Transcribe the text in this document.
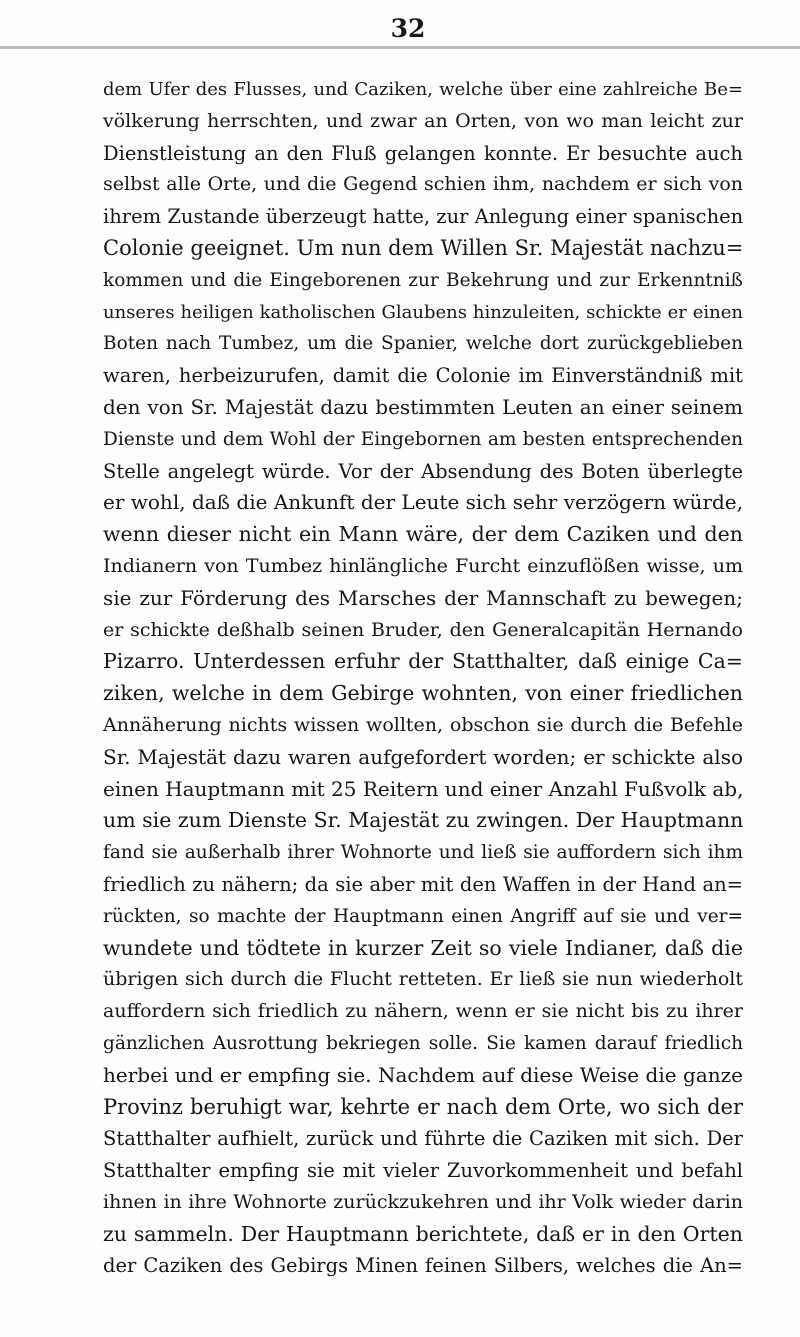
32
dem Ufer des Flusses, und Caziken, welche über eine zahlreiche Be=
völkerung herrschten, und zwar an Orten, von wo man leicht zur
Dienstleistung an den Fluß gelangen konnte. Er besuchte auch
selbst alle Orte, und die Gegend schien ihm, nachdem er sich von
ihrem Zustande überzeugt hatte, zur Anlegung einer spanischen
Colonie geeignet. Um nun dem Willen Sr. Majestät nachzu=
kommen und die Eingeborenen zur Bekehrung und zur Erkenntniß
unseres heiligen katholischen Glaubens hinzuleiten, schickte er einen
Boten nach Tumbez, um die Spanier, welche dort zurückgeblieben
waren, herbeizurufen, damit die Colonie im Einverständniß mit
den von Sr. Majestät dazu bestimmten Leuten an einer seinem
Dienste und dem Wohl der Eingebornen am besten entsprechenden
Stelle angelegt würde. Vor der Absendung des Boten überlegte
er wohl, daß die Ankunft der Leute sich sehr verzögern würde,
wenn dieser nicht ein Mann wäre, der dem Caziken und den
Indianern von Tumbez hinlängliche Furcht einzuflößen wisse, um
sie zur Förderung des Marsches der Mannschaft zu bewegen;
er schickte deßhalb seinen Bruder, den Generalcapitän Hernando
Pizarro. Unterdessen erfuhr der Statthalter, daß einige Ca=
ziken, welche in dem Gebirge wohnten, von einer friedlichen
Annäherung nichts wissen wollten, obschon sie durch die Befehle
Sr. Majestät dazu waren aufgefordert worden; er schickte also
einen Hauptmann mit 25 Reitern und einer Anzahl Fußvolk ab,
um sie zum Dienste Sr. Majestät zu zwingen. Der Hauptmann
fand sie außerhalb ihrer Wohnorte und ließ sie auffordern sich ihm
friedlich zu nähern; da sie aber mit den Waffen in der Hand an=
rückten, so machte der Hauptmann einen Angriff auf sie und ver=
wundete und tödtete in kurzer Zeit so viele Indianer, daß die
übrigen sich durch die Flucht retteten. Er ließ sie nun wiederholt
auffordern sich friedlich zu nähern, wenn er sie nicht bis zu ihrer
gänzlichen Ausrottung bekriegen solle. Sie kamen darauf friedlich
herbei und er empfing sie. Nachdem auf diese Weise die ganze
Provinz beruhigt war, kehrte er nach dem Orte, wo sich der
Statthalter aufhielt, zurück und führte die Caziken mit sich. Der
Statthalter empfing sie mit vieler Zuvorkommenheit und befahl
ihnen in ihre Wohnorte zurückzukehren und ihr Volk wieder darin
zu sammeln. Der Hauptmann berichtete, daß er in den Orten
der Caziken des Gebirgs Minen feinen Silbers, welches die An=
